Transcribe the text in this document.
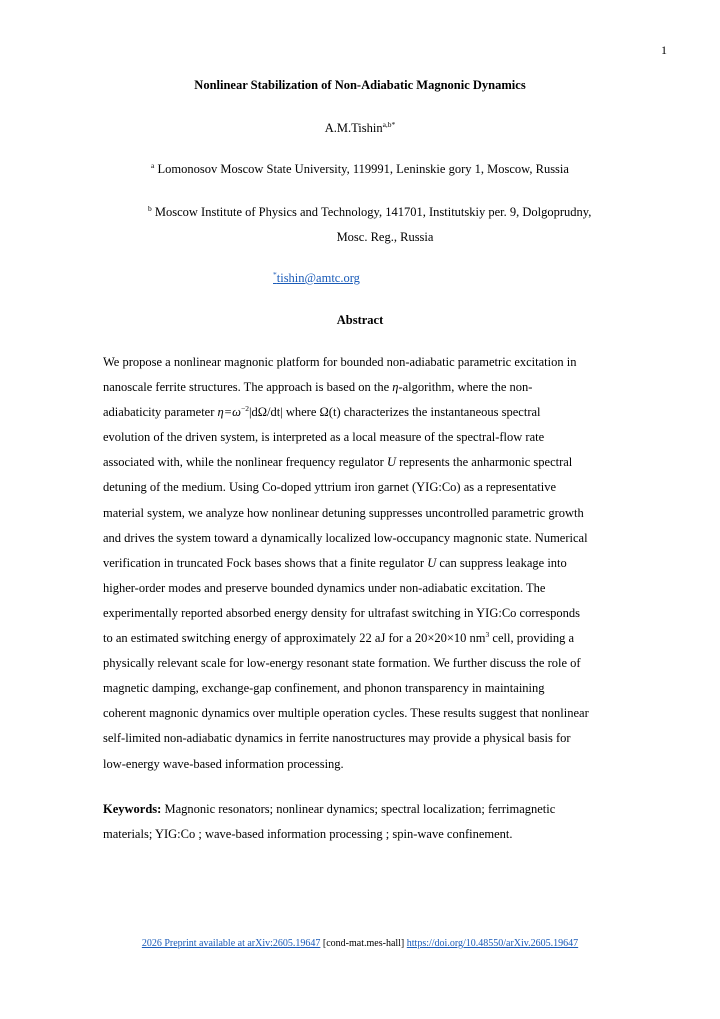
1
Nonlinear Stabilization of Non-Adiabatic Magnonic Dynamics
A.M.Tishin$^{a,b*}$
$^a$ Lomonosov Moscow State University, 119991, Leninskie gory 1, Moscow, Russia
$^b$ Moscow Institute of Physics and Technology, 141701, Institutskiy per. 9, Dolgoprudny,
Mosc. Reg., Russia
*tishin@amtc.org
Abstract
We propose a nonlinear magnonic platform for bounded non-adiabatic parametric excitation in
nanoscale ferrite structures. The approach is based on the η-algorithm, where the non-
adiabaticity parameter $\eta=\omega^{-2}|d\Omega/dt|$ where Ω(t) characterizes the instantaneous spectral
evolution of the driven system, is interpreted as a local measure of the spectral-flow rate
associated with, while the nonlinear frequency regulator U represents the anharmonic spectral
detuning of the medium. Using Co-doped yttrium iron garnet (YIG:Co) as a representative
material system, we analyze how nonlinear detuning suppresses uncontrolled parametric growth
and drives the system toward a dynamically localized low-occupancy magnonic state. Numerical
verification in truncated Fock bases shows that a finite regulator U can suppress leakage into
higher-order modes and preserve bounded dynamics under non-adiabatic excitation. The
experimentally reported absorbed energy density for ultrafast switching in YIG:Co corresponds
to an estimated switching energy of approximately 22 aJ for a 20×20×10 $nm^3$ cell, providing a
physically relevant scale for low-energy resonant state formation. We further discuss the role of
magnetic damping, exchange-gap confinement, and phonon transparency in maintaining
coherent magnonic dynamics over multiple operation cycles. These results suggest that nonlinear
self-limited non-adiabatic dynamics in ferrite nanostructures may provide a physical basis for
low-energy wave-based information processing.
Keywords: Magnonic resonators; nonlinear dynamics; spectral localization; ferrimagnetic
materials; YIG:Co ; wave-based information processing ; spin-wave confinement.
2026 Preprint available at arXiv:2605.19647 [cond-mat.mes-hall] https://doi.org/10.48550/arXiv.2605.19647
